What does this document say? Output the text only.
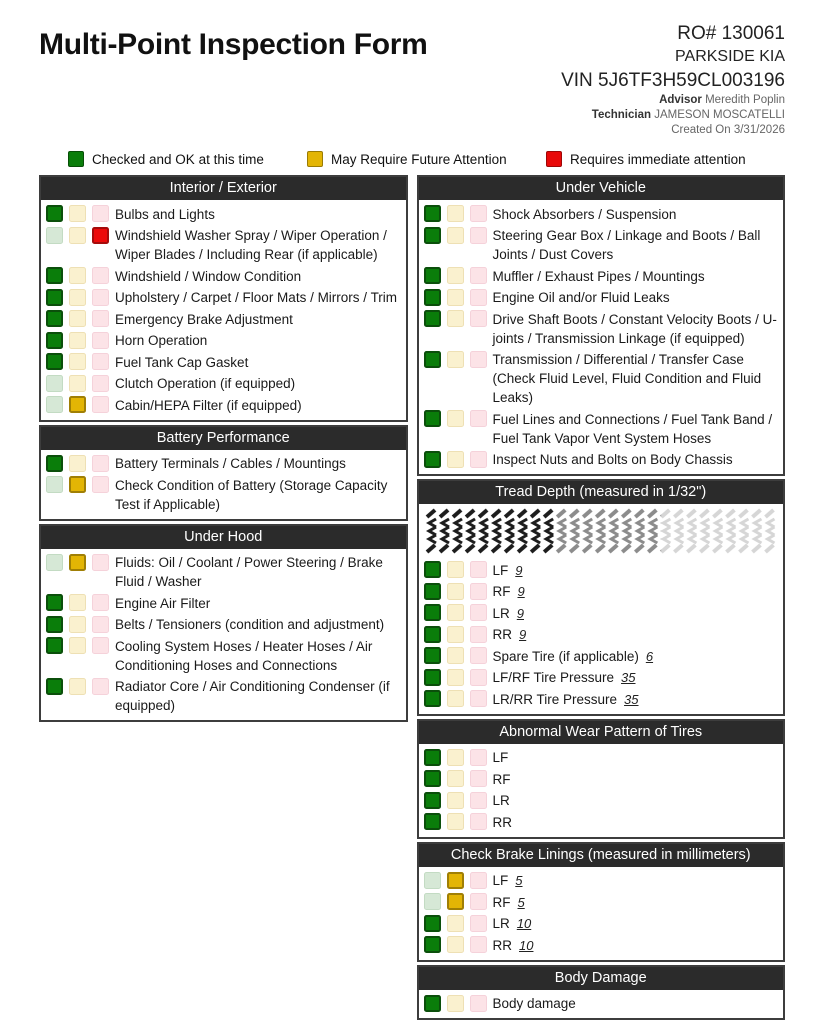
Multi-Point Inspection Form	RO# 130061
PARKSIDE KIA
VIN 5J6TF3H59CL003196
Advisor Meredith Poplin
Technician JAMESON MOSCATELLI
Created On 3/31/2026
Checked and OK at this time	May Require Future Attention	Requires immediate attention
Interior / Exterior
Bulbs and Lights
Windshield Washer Spray / Wiper Operation / Wiper Blades / Including Rear (if applicable)
Windshield / Window Condition
Upholstery / Carpet / Floor Mats / Mirrors / Trim
Emergency Brake Adjustment
Horn Operation
Fuel Tank Cap Gasket
Clutch Operation (if equipped)
Cabin/HEPA Filter (if equipped)
Battery Performance
Battery Terminals / Cables / Mountings
Check Condition of Battery (Storage Capacity Test if Applicable)
Under Hood
Fluids: Oil / Coolant / Power Steering / Brake Fluid / Washer
Engine Air Filter
Belts / Tensioners (condition and adjustment)
Cooling System Hoses / Heater Hoses / Air Conditioning Hoses and Connections
Radiator Core / Air Conditioning Condenser (if equipped)
Under Vehicle
Shock Absorbers / Suspension
Steering Gear Box / Linkage and Boots / Ball Joints / Dust Covers
Muffler / Exhaust Pipes / Mountings
Engine Oil and/or Fluid Leaks
Drive Shaft Boots / Constant Velocity Boots / U-joints / Transmission Linkage (if equipped)
Transmission / Differential / Transfer Case (Check Fluid Level, Fluid Condition and Fluid Leaks)
Fuel Lines and Connections / Fuel Tank Band / Fuel Tank Vapor Vent System Hoses
Inspect Nuts and Bolts on Body Chassis
Tread Depth (measured in 1/32")
LF 9
RF 9
LR 9
RR 9
Spare Tire (if applicable) 6
LF/RF Tire Pressure 35
LR/RR Tire Pressure 35
Abnormal Wear Pattern of Tires
LF
RF
LR
RR
Check Brake Linings (measured in millimeters)
LF 5
RF 5
LR 10
RR 10
Body Damage
Body damage
